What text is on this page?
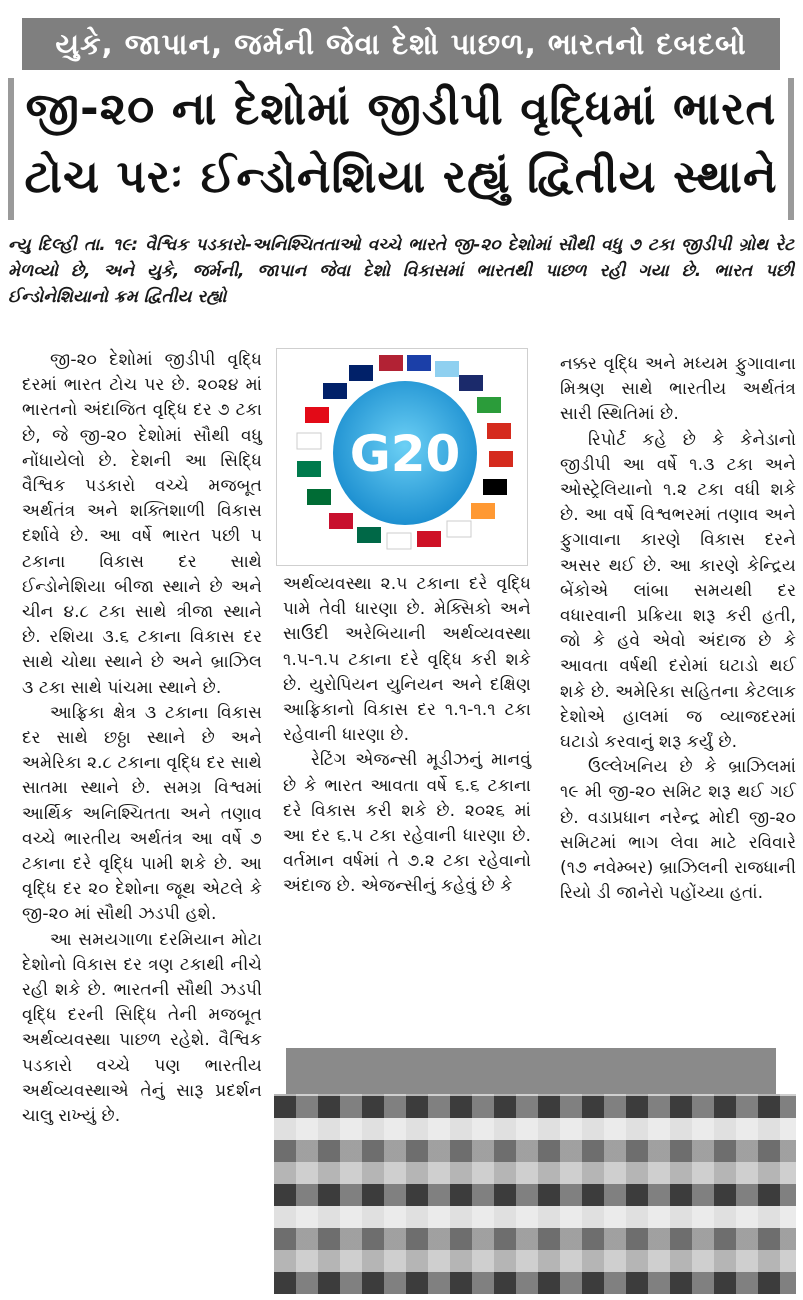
યુકે, જાપાન, જર્મની જેવા દેશો પાછળ, ભારતનો દબદબો
જી-૨૦ ના દેશોમાં જીડીપી વૃદ્ધિમાં ભારત
ટોચ પરઃ ઈન્ડોનેશિયા રહ્યું દ્વિતીય સ્થાને
ન્યુ દિલ્હી તા. ૧૯: વૈશ્વિક પડકારો-અનિશ્ચિતતાઓ વચ્ચે ભારતે જી-૨૦ દેશોમાં સૌથી વધુ ૭ ટકા જીડીપી ગ્રોથ રેટ મેળવ્યો છે, અને યુકે, જર્મની, જાપાન જેવા દેશો વિકાસમાં ભારતથી પાછળ રહી ગયા છે. ભારત પછી ઈન્ડોનેશિયાનો ક્રમ દ્વિતીય રહ્યો

જી-૨૦ દેશોમાં જીડીપી વૃદ્ધિ દરમાં ભારત ટોચ પર છે. ૨૦૨૪ માં ભારતનો અંદાજિત વૃદ્ધિ દર ૭ ટકા છે, જે જી-૨૦ દેશોમાં સૌથી વધુ નોંધાયેલો છે. દેશની આ સિદ્ધિ વૈશ્વિક પડકારો વચ્ચે મજબૂત અર્થતંત્ર અને શક્તિશાળી વિકાસ દર્શાવે છે. આ વર્ષે ભારત પછી ૫ ટકાના વિકાસ દર સાથે ઈન્ડોનેશિયા બીજા સ્થાને છે અને ચીન ૪.૮ ટકા સાથે ત્રીજા સ્થાને છે. રશિયા ૩.૬ ટકાના વિકાસ દર સાથે ચોથા સ્થાને છે અને બ્રાઝિલ ૩ ટકા સાથે પાંચમા સ્થાને છે.

આફ્રિકા ક્ષેત્ર ૩ ટકાના વિકાસ દર સાથે છઠ્ઠા સ્થાને છે અને અમેરિકા ૨.૮ ટકાના વૃદ્ધિ દર સાથે સાતમા સ્થાને છે. સમગ્ર વિશ્વમાં આર્થિક અનિશ્ચિતતા અને તણાવ વચ્ચે ભારતીય અર્થતંત્ર આ વર્ષે ૭ ટકાના દરે વૃદ્ધિ પામી શકે છે. આ વૃદ્ધિ દર ૨૦ દેશોના જૂથ એટલે કે જી-૨૦ માં સૌથી ઝડપી હશે.

આ સમયગાળા દરમિયાન મોટા દેશોનો વિકાસ દર ત્રણ ટકાથી નીચે રહી શકે છે. ભારતની સૌથી ઝડપી વૃદ્ધિ દરની સિદ્ધિ તેની મજબૂત અર્થવ્યવસ્થા પાછળ રહેશે. વૈશ્વિક પડકારો વચ્ચે પણ ભારતીય અર્થવ્યવસ્થાએ તેનું સારૂ પ્રદર્શન ચાલુ રાખ્યું છે.

G20

અર્થવ્યવસ્થા ૨.૫ ટકાના દરે વૃદ્ધિ પામે તેવી ધારણા છે. મેક્સિકો અને સાઉદી અરેબિયાની અર્થવ્યવસ્થા ૧.૫-૧.૫ ટકાના દરે વૃદ્ધિ કરી શકે છે. યુરોપિયન યુનિયન અને દક્ષિણ આફ્રિકાનો વિકાસ દર ૧.૧-૧.૧ ટકા રહેવાની ધારણા છે.

રેટિંગ એજન્સી મૂડીઝનું માનવું છે કે ભારત આવતા વર્ષે ૬.૬ ટકાના દરે વિકાસ કરી શકે છે. ૨૦૨૬ માં આ દર ૬.૫ ટકા રહેવાની ધારણા છે. વર્તમાન વર્ષમાં તે ૭.૨ ટકા રહેવાનો અંદાજ છે. એજન્સીનું કહેવું છે કે

નક્કર વૃદ્ધિ અને મધ્યમ ફુગાવાના મિશ્રણ સાથે ભારતીય અર્થતંત્ર સારી સ્થિતિમાં છે.

રિપોર્ટ કહે છે કે કેનેડાનો જીડીપી આ વર્ષે ૧.૩ ટકા અને ઓસ્ટ્રેલિયાનો ૧.૨ ટકા વધી શકે છે. આ વર્ષે વિશ્વભરમાં તણાવ અને ફુગાવાના કારણે વિકાસ દરને અસર થઈ છે. આ કારણે કેન્દ્રિય બેંકોએ લાંબા સમયથી દર વધારવાની પ્રક્રિયા શરૂ કરી હતી, જો કે હવે એવો અંદાજ છે કે આવતા વર્ષથી દરોમાં ઘટાડો થઈ શકે છે. અમેરિકા સહિતના કેટલાક દેશોએ હાલમાં જ વ્યાજદરમાં ઘટાડો કરવાનું શરૂ કર્યું છે.

ઉલ્લેખનિય છે કે બ્રાઝિલમાં ૧૯ મી જી-૨૦ સમિટ શરૂ થઈ ગઈ છે. વડાપ્રધાન નરેન્દ્ર મોદી જી-૨૦ સમિટમાં ભાગ લેવા માટે રવિવારે (૧૭ નવેમ્બર) બ્રાઝિલની રાજધાની રિયો ડી જાનેરો પહોંચ્યા હતાં.
